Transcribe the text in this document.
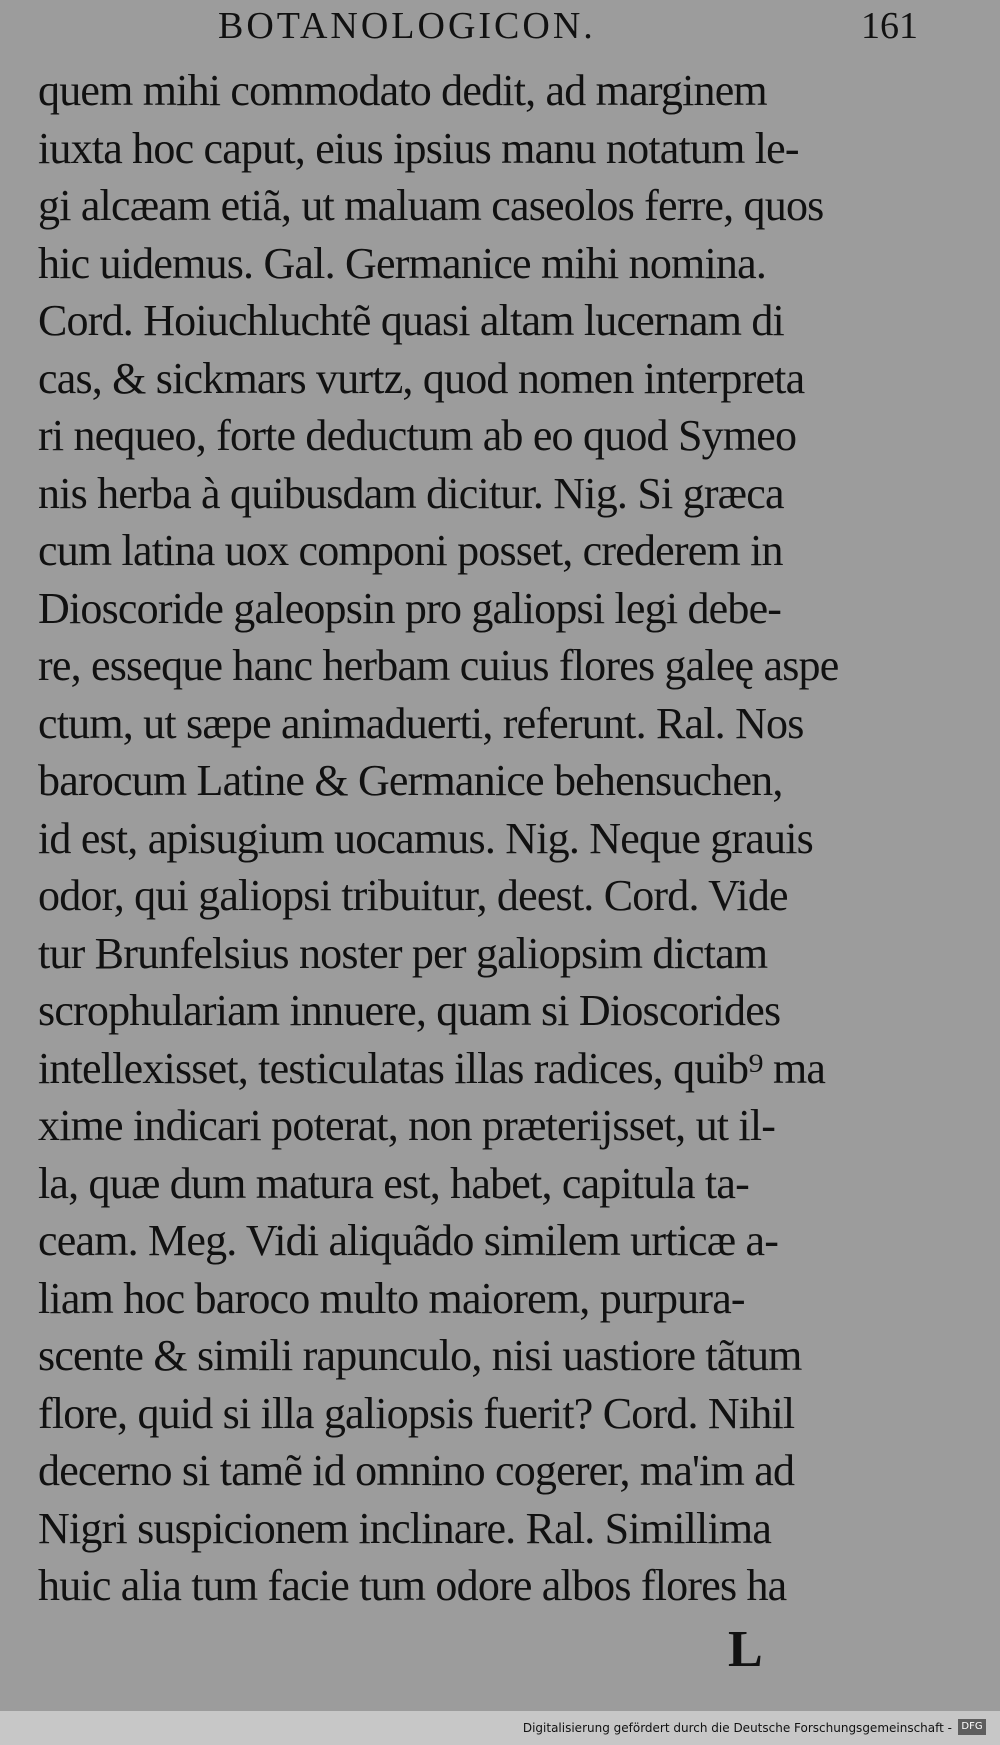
BOTANOLOGICON.	161
quem mihi commodato dedit, ad marginem
iuxta hoc caput, eius ipsius manu notatum le-
gi alcæam etiã, ut maluam caseolos ferre, quos
hic uidemus. Gal. Germanice mihi nomina.
Cord. Hoiuchluchtẽ quasi altam lucernam di
cas, & sickmars vurtz, quod nomen interpreta
ri nequeo, forte deductum ab eo quod Symeo
nis herba à quibusdam dicitur. Nig. Si græca
cum latina uox componi posset, crederem in
Dioscoride galeopsin pro galiopsi legi debe-
re, esseque hanc herbam cuius flores galeę aspe
ctum, ut sæpe animaduerti, referunt. Ral. Nos
barocum Latine & Germanice behensuchen,
id est, apisugium uocamus. Nig. Neque grauis
odor, qui galiopsi tribuitur, deest. Cord. Vide
tur Brunfelsius noster per galiopsim dictam
scrophulariam innuere, quam si Dioscorides
intellexisset, testiculatas illas radices, quib⁹ ma
xime indicari poterat, non præterijsset, ut il-
la, quæ dum matura est, habet, capitula ta-
ceam. Meg. Vidi aliquãdo similem urticæ a-
liam hoc baroco multo maiorem, purpura-
scente & simili rapunculo, nisi uastiore tãtum
flore, quid si illa galiopsis fuerit? Cord. Nihil
decerno si tamẽ id omnino cogerer, ma'im ad
Nigri suspicionem inclinare. Ral. Simillima
huic alia tum facie tum odore albos flores ha
L
Digitalisierung gefördert durch die Deutsche Forschungsgemeinschaft - DFG
